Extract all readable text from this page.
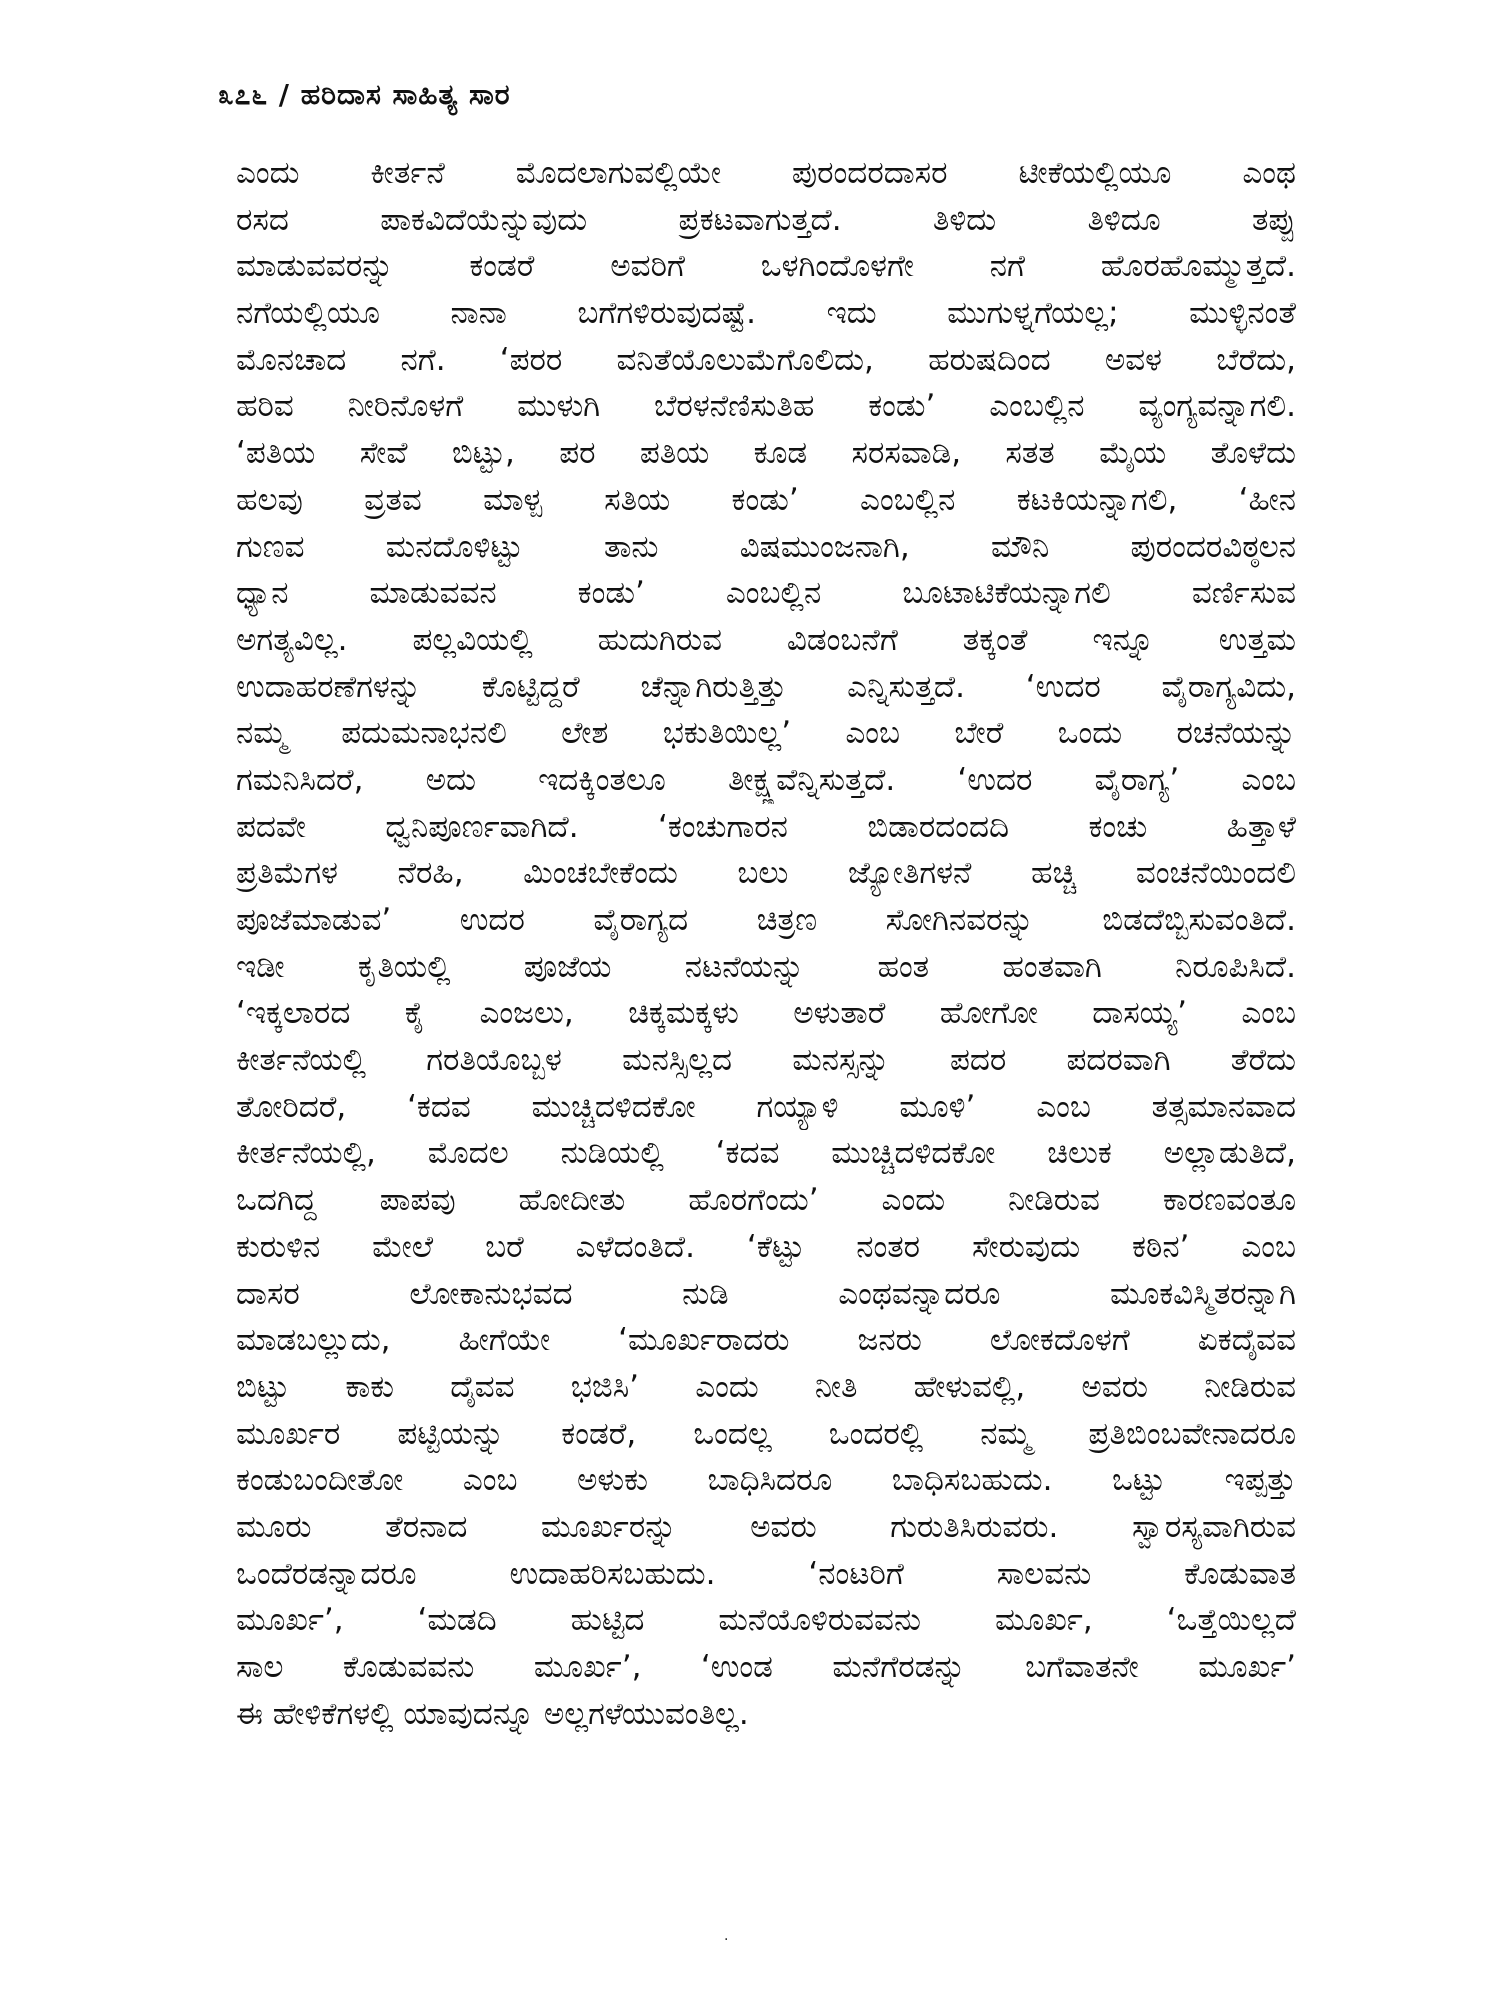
೩೭೬ / ಹರಿದಾಸ ಸಾಹಿತ್ಯ ಸಾರ
ಎಂದು ಕೀರ್ತನೆ ಮೊದಲಾಗುವಲ್ಲಿಯೇ ಪುರಂದರದಾಸರ ಟೀಕೆಯಲ್ಲಿಯೂ ಎಂಥ
ರಸದ ಪಾಕವಿದೆಯೆನ್ನುವುದು ಪ್ರಕಟವಾಗುತ್ತದೆ. ತಿಳಿದು ತಿಳಿದೂ ತಪ್ಪು
ಮಾಡುವವರನ್ನು ಕಂಡರೆ ಅವರಿಗೆ ಒಳಗಿಂದೊಳಗೇ ನಗೆ ಹೊರಹೊಮ್ಮುತ್ತದೆ.
ನಗೆಯಲ್ಲಿಯೂ ನಾನಾ ಬಗೆಗಳಿರುವುದಷ್ಟೆ. ಇದು ಮುಗುಳ್ನಗೆಯಲ್ಲ; ಮುಳ್ಳಿನಂತೆ
ಮೊನಚಾದ ನಗೆ. ‘ಪರರ ವನಿತೆಯೊಲುಮೆಗೊಲಿದು, ಹರುಷದಿಂದ ಅವಳ ಬೆರೆದು,
ಹರಿವ ನೀರಿನೊಳಗೆ ಮುಳುಗಿ ಬೆರಳನೆಣಿಸುತಿಹ ಕಂಡು’ ಎಂಬಲ್ಲಿನ ವ್ಯಂಗ್ಯವನ್ನಾಗಲಿ.
‘ಪತಿಯ ಸೇವೆ ಬಿಟ್ಟು, ಪರ ಪತಿಯ ಕೂಡ ಸರಸವಾಡಿ, ಸತತ ಮೈಯ ತೊಳೆದು
ಹಲವು ವ್ರತವ ಮಾಳ್ಪ ಸತಿಯ ಕಂಡು’ ಎಂಬಲ್ಲಿನ ಕಟಕಿಯನ್ನಾಗಲಿ, ‘ಹೀನ
ಗುಣವ ಮನದೊಳಿಟ್ಟು ತಾನು ವಿಷಮುಂಜನಾಗಿ, ಮೌನಿ ಪುರಂದರವಿಠ್ಠಲನ
ಧ್ಯಾನ ಮಾಡುವವನ ಕಂಡು’ ಎಂಬಲ್ಲಿನ ಬೂಟಾಟಿಕೆಯನ್ನಾಗಲಿ ವರ್ಣಿಸುವ
ಅಗತ್ಯವಿಲ್ಲ. ಪಲ್ಲವಿಯಲ್ಲಿ ಹುದುಗಿರುವ ವಿಡಂಬನೆಗೆ ತಕ್ಕಂತೆ ಇನ್ನೂ ಉತ್ತಮ
ಉದಾಹರಣೆಗಳನ್ನು ಕೊಟ್ಟಿದ್ದರೆ ಚೆನ್ನಾಗಿರುತ್ತಿತ್ತು ಎನ್ನಿಸುತ್ತದೆ. ‘ಉದರ ವೈರಾಗ್ಯವಿದು,
ನಮ್ಮ ಪದುಮನಾಭನಲಿ ಲೇಶ ಭಕುತಿಯಿಲ್ಲ’ ಎಂಬ ಬೇರೆ ಒಂದು ರಚನೆಯನ್ನು
ಗಮನಿಸಿದರೆ, ಅದು ಇದಕ್ಕಿಂತಲೂ ತೀಕ್ಷ್ಣವೆನ್ನಿಸುತ್ತದೆ. ‘ಉದರ ವೈರಾಗ್ಯ’ ಎಂಬ
ಪದವೇ ಧ್ವನಿಪೂರ್ಣವಾಗಿದೆ. ‘ಕಂಚುಗಾರನ ಬಿಡಾರದಂದದಿ ಕಂಚು ಹಿತ್ತಾಳೆ
ಪ್ರತಿಮೆಗಳ ನೆರಹಿ, ಮಿಂಚಬೇಕೆಂದು ಬಲು ಜ್ಯೋತಿಗಳನೆ ಹಚ್ಚಿ ವಂಚನೆಯಿಂದಲಿ
ಪೂಜೆಮಾಡುವ’ ಉದರ ವೈರಾಗ್ಯದ ಚಿತ್ರಣ ಸೋಗಿನವರನ್ನು ಬಿಡದೆಬ್ಬಿಸುವಂತಿದೆ.
ಇಡೀ ಕೃತಿಯಲ್ಲಿ ಪೂಜೆಯ ನಟನೆಯನ್ನು ಹಂತ ಹಂತವಾಗಿ ನಿರೂಪಿಸಿದೆ.
‘ಇಕ್ಕಲಾರದ ಕೈ ಎಂಜಲು, ಚಿಕ್ಕಮಕ್ಕಳು ಅಳುತಾರೆ ಹೋಗೋ ದಾಸಯ್ಯ’ ಎಂಬ
ಕೀರ್ತನೆಯಲ್ಲಿ ಗರತಿಯೊಬ್ಬಳ ಮನಸ್ಸಿಲ್ಲದ ಮನಸ್ಸನ್ನು ಪದರ ಪದರವಾಗಿ ತೆರೆದು
ತೋರಿದರೆ, ‘ಕದವ ಮುಚ್ಚಿದಳಿದಕೋ ಗಯ್ಯಾಳಿ ಮೂಳಿ’ ಎಂಬ ತತ್ಸಮಾನವಾದ
ಕೀರ್ತನೆಯಲ್ಲಿ, ಮೊದಲ ನುಡಿಯಲ್ಲಿ ‘ಕದವ ಮುಚ್ಚಿದಳಿದಕೋ ಚಿಲುಕ ಅಲ್ಲಾಡುತಿದೆ,
ಒದಗಿದ್ದ ಪಾಪವು ಹೋದೀತು ಹೊರಗೆಂದು’ ಎಂದು ನೀಡಿರುವ ಕಾರಣವಂತೂ
ಕುರುಳಿನ ಮೇಲೆ ಬರೆ ಎಳೆದಂತಿದೆ. ‘ಕೆಟ್ಟು ನಂತರ ಸೇರುವುದು ಕಠಿನ’ ಎಂಬ
ದಾಸರ ಲೋಕಾನುಭವದ ನುಡಿ ಎಂಥವನ್ನಾದರೂ ಮೂಕವಿಸ್ಮಿತರನ್ನಾಗಿ
ಮಾಡಬಲ್ಲುದು, ಹೀಗೆಯೇ ‘ಮೂರ್ಖರಾದರು ಜನರು ಲೋಕದೊಳಗೆ ಏಕದೈವವ
ಬಿಟ್ಟು ಕಾಕು ದೈವವ ಭಜಿಸಿ’ ಎಂದು ನೀತಿ ಹೇಳುವಲ್ಲಿ, ಅವರು ನೀಡಿರುವ
ಮೂರ್ಖರ ಪಟ್ಟಿಯನ್ನು ಕಂಡರೆ, ಒಂದಲ್ಲ ಒಂದರಲ್ಲಿ ನಮ್ಮ ಪ್ರತಿಬಿಂಬವೇನಾದರೂ
ಕಂಡುಬಂದೀತೋ ಎಂಬ ಅಳುಕು ಬಾಧಿಸಿದರೂ ಬಾಧಿಸಬಹುದು. ಒಟ್ಟು ಇಪ್ಪತ್ತು
ಮೂರು ತೆರನಾದ ಮೂರ್ಖರನ್ನು ಅವರು ಗುರುತಿಸಿರುವರು. ಸ್ವಾರಸ್ಯವಾಗಿರುವ
ಒಂದೆರಡನ್ನಾದರೂ ಉದಾಹರಿಸಬಹುದು. ‘ನಂಟರಿಗೆ ಸಾಲವನು ಕೊಡುವಾತ
ಮೂರ್ಖ’, ‘ಮಡದಿ ಹುಟ್ಟಿದ ಮನೆಯೊಳಿರುವವನು ಮೂರ್ಖ, ‘ಒತ್ತೆಯಿಲ್ಲದೆ
ಸಾಲ ಕೊಡುವವನು ಮೂರ್ಖ’, ‘ಉಂಡ ಮನೆಗೆರಡನ್ನು ಬಗೆವಾತನೇ ಮೂರ್ಖ’
ಈ ಹೇಳಿಕೆಗಳಲ್ಲಿ ಯಾವುದನ್ನೂ ಅಲ್ಲಗಳೆಯುವಂತಿಲ್ಲ.
·
